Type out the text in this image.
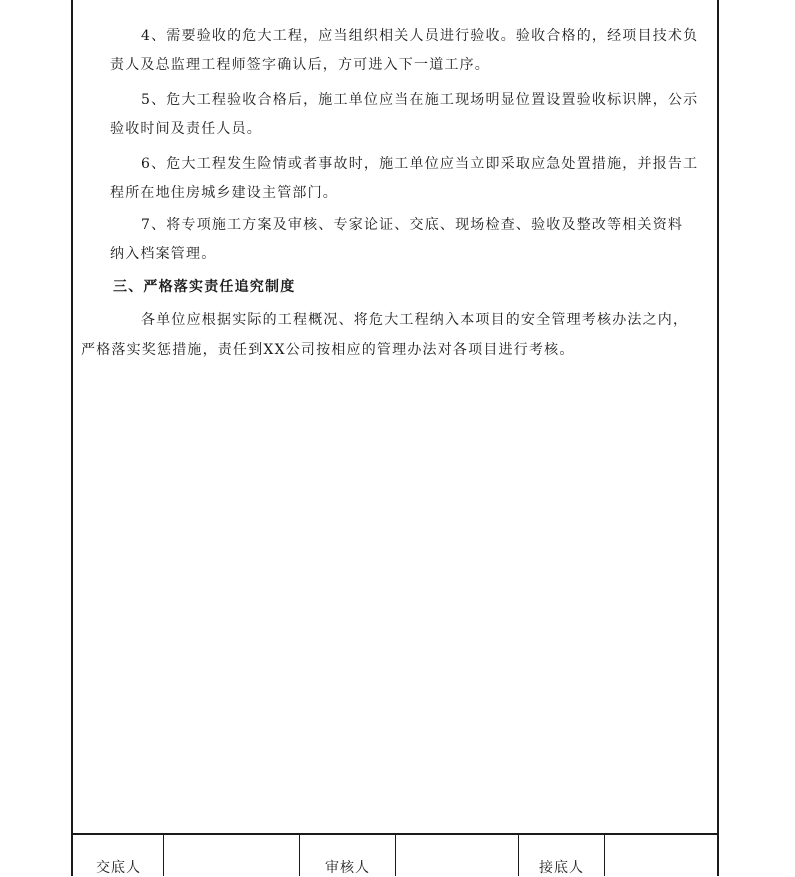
4、需要验收的危大工程，应当组织相关人员进行验收。验收合格的，经项目技术负

责人及总监理工程师签字确认后，方可进入下一道工序。

5、危大工程验收合格后，施工单位应当在施工现场明显位置设置验收标识牌，公示

验收时间及责任人员。

6、危大工程发生险情或者事故时，施工单位应当立即采取应急处置措施，并报告工

程所在地住房城乡建设主管部门。

7、将专项施工方案及审核、专家论证、交底、现场检查、验收及整改等相关资料

纳入档案管理。

三、严格落实责任追究制度

各单位应根据实际的工程概况、将危大工程纳入本项目的安全管理考核办法之内，

严格落实奖惩措施，责任到XX公司按相应的管理办法对各项目进行考核。

交底人	审核人	接底人
